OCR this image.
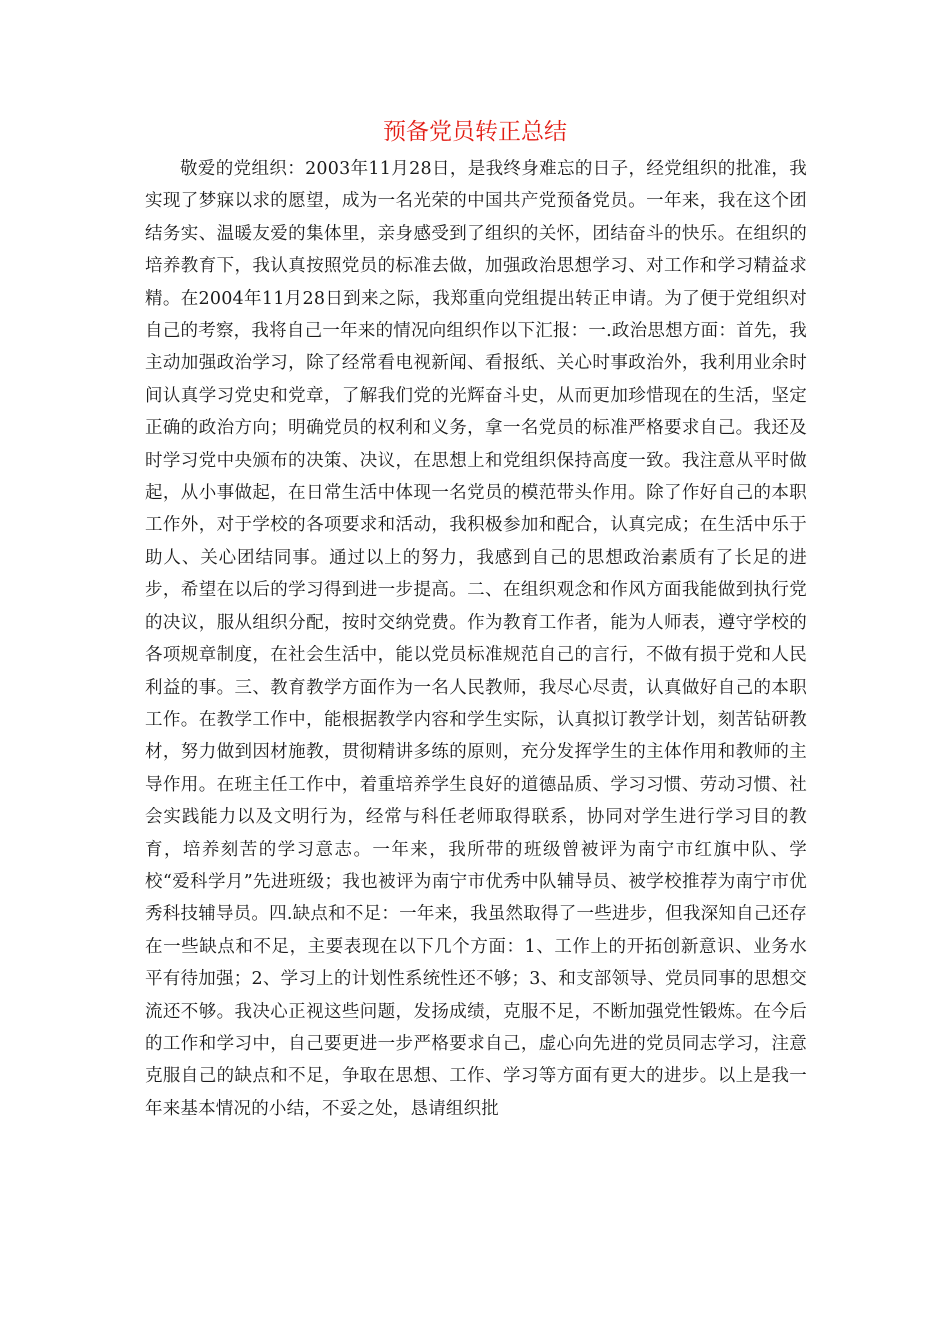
预备党员转正总结

敬爱的党组织：2003年11月28日，是我终身难忘的日子，经党组织的批准，我实现了梦寐以求的愿望，成为一名光荣的中国共产党预备党员。一年来，我在这个团结务实、温暖友爱的集体里，亲身感受到了组织的关怀，团结奋斗的快乐。在组织的培养教育下，我认真按照党员的标准去做，加强政治思想学习、对工作和学习精益求精。在2004年11月28日到来之际，我郑重向党组提出转正申请。为了便于党组织对自己的考察，我将自己一年来的情况向组织作以下汇报：一.政治思想方面：首先，我主动加强政治学习，除了经常看电视新闻、看报纸、关心时事政治外，我利用业余时间认真学习党史和党章，了解我们党的光辉奋斗史，从而更加珍惜现在的生活，坚定正确的政治方向；明确党员的权利和义务，拿一名党员的标准严格要求自己。我还及时学习党中央颁布的决策、决议，在思想上和党组织保持高度一致。我注意从平时做起，从小事做起，在日常生活中体现一名党员的模范带头作用。除了作好自己的本职工作外，对于学校的各项要求和活动，我积极参加和配合，认真完成；在生活中乐于助人、关心团结同事。通过以上的努力，我感到自己的思想政治素质有了长足的进步，希望在以后的学习得到进一步提高。二、在组织观念和作风方面我能做到执行党的决议，服从组织分配，按时交纳党费。作为教育工作者，能为人师表，遵守学校的各项规章制度，在社会生活中，能以党员标准规范自己的言行，不做有损于党和人民利益的事。三、教育教学方面作为一名人民教师，我尽心尽责，认真做好自己的本职工作。在教学工作中，能根据教学内容和学生实际，认真拟订教学计划，刻苦钻研教材，努力做到因材施教，贯彻精讲多练的原则，充分发挥学生的主体作用和教师的主导作用。在班主任工作中，着重培养学生良好的道德品质、学习习惯、劳动习惯、社会实践能力以及文明行为，经常与科任老师取得联系，协同对学生进行学习目的教育，培养刻苦的学习意志。一年来，我所带的班级曾被评为南宁市红旗中队、学校“爱科学月”先进班级；我也被评为南宁市优秀中队辅导员、被学校推荐为南宁市优秀科技辅导员。四.缺点和不足：一年来，我虽然取得了一些进步，但我深知自己还存在一些缺点和不足，主要表现在以下几个方面：1、工作上的开拓创新意识、业务水平有待加强；2、学习上的计划性系统性还不够；3、和支部领导、党员同事的思想交流还不够。我决心正视这些问题，发扬成绩，克服不足，不断加强党性锻炼。在今后的工作和学习中，自己要更进一步严格要求自己，虚心向先进的党员同志学习，注意克服自己的缺点和不足，争取在思想、工作、学习等方面有更大的进步。以上是我一年来基本情况的小结，不妥之处，恳请组织批
